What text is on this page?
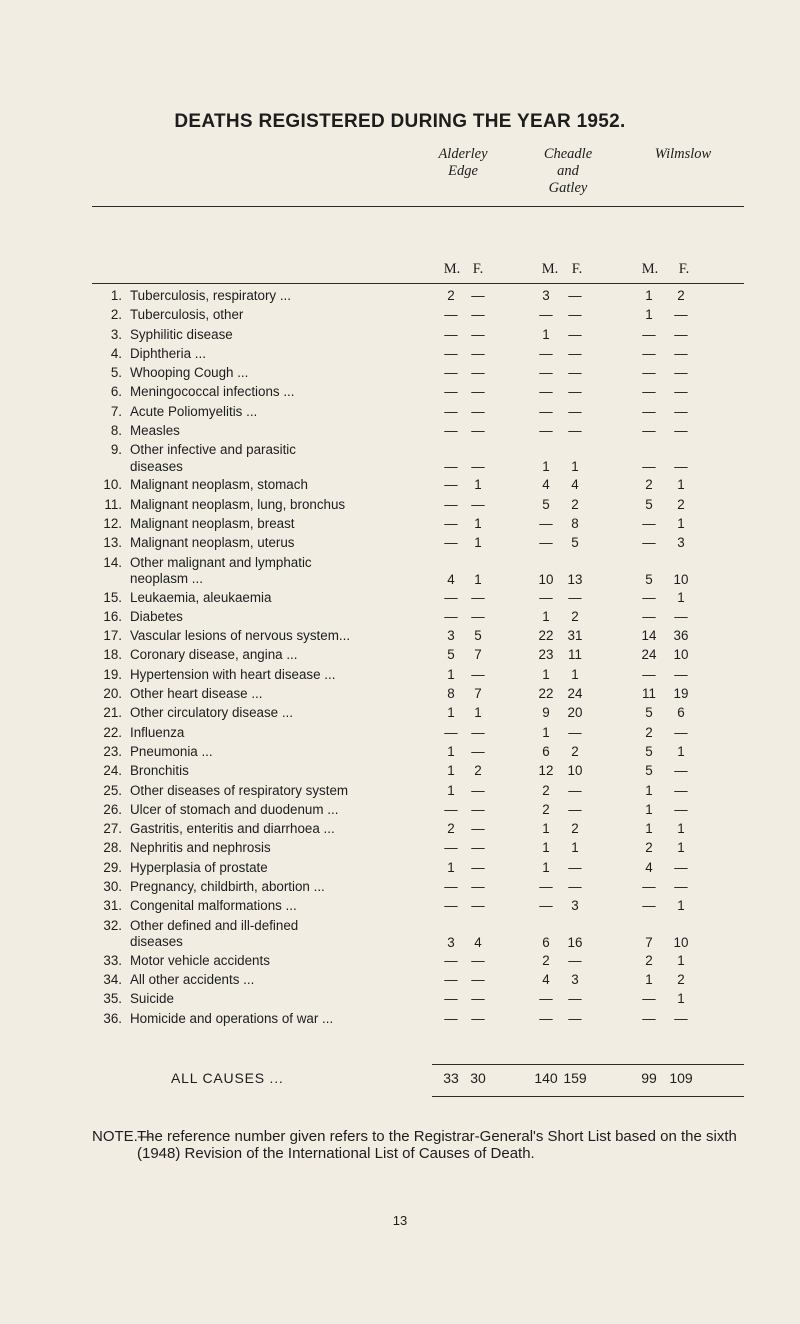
DEATHS REGISTERED DURING THE YEAR 1952.
Alderley
Edge
Cheadle
and
Gatley
Wilmslow
M. F.	M. F.	M.	F.
1. Tuberculosis, respiratory ...	2	—	3	—	1	2
2. Tuberculosis, other	—	—	—	—	1	—
3. Syphilitic disease	—	—	1	—	—	—
4. Diphtheria ...	—	—	—	—	—	—
5. Whooping Cough ...	—	—	—	—	—	—
6. Meningococcal infections ...	—	—	—	—	—	—
7. Acute Poliomyelitis ...	—	—	—	—	—	—
8. Measles	—	—	—	—	—	—
9. Other infective and parasitic
diseases	—	—	1	1	—	—
10. Malignant neoplasm, stomach	—	1	4	4	2	1
11. Malignant neoplasm, lung, bronchus	—	—	5	2	5	2
12. Malignant neoplasm, breast	—	1	—	8	—	1
13. Malignant neoplasm, uterus	—	1	—	5	—	3
14. Other malignant and lymphatic
neoplasm ...	4	1	10	13	5	10
15. Leukaemia, aleukaemia	—	—	—	—	—	1
16. Diabetes	—	—	1	2	—	—
17. Vascular lesions of nervous system...	3	5	22	31	14	36
18. Coronary disease, angina ...	5	7	23	11	24	10
19. Hypertension with heart disease ...	1	—	1	1	—	—
20. Other heart disease ...	8	7	22	24	11	19
21. Other circulatory disease ...	1	1	9	20	5	6
22. Influenza	—	—	1	—	2	—
23. Pneumonia ...	1	—	6	2	5	1
24. Bronchitis	1	2	12	10	5	—
25. Other diseases of respiratory system	1	—	2	—	1	—
26. Ulcer of stomach and duodenum ...	—	—	2	—	1	—
27. Gastritis, enteritis and diarrhoea ...	2	—	1	2	1	1
28. Nephritis and nephrosis	—	—	1	1	2	1
29. Hyperplasia of prostate	1	—	1	—	4	—
30. Pregnancy, childbirth, abortion ...	—	—	—	—	—	—
31. Congenital malformations ...	—	—	—	3	—	1
32. Other defined and ill-defined
diseases	3	4	6	16	7	10
33. Motor vehicle accidents	—	—	2	—	2	1
34. All other accidents ...	—	—	4	3	1	2
35. Suicide	—	—	—	—	—	1
36. Homicide and operations of war ...	—	—	—	—	—	—
ALL CAUSES ...	33 30	140 159	99 109
NOTE.—
The reference number given refers to the Registrar-General's Short List based on the sixth (1948) Revision of the International List of Causes of Death.
13
